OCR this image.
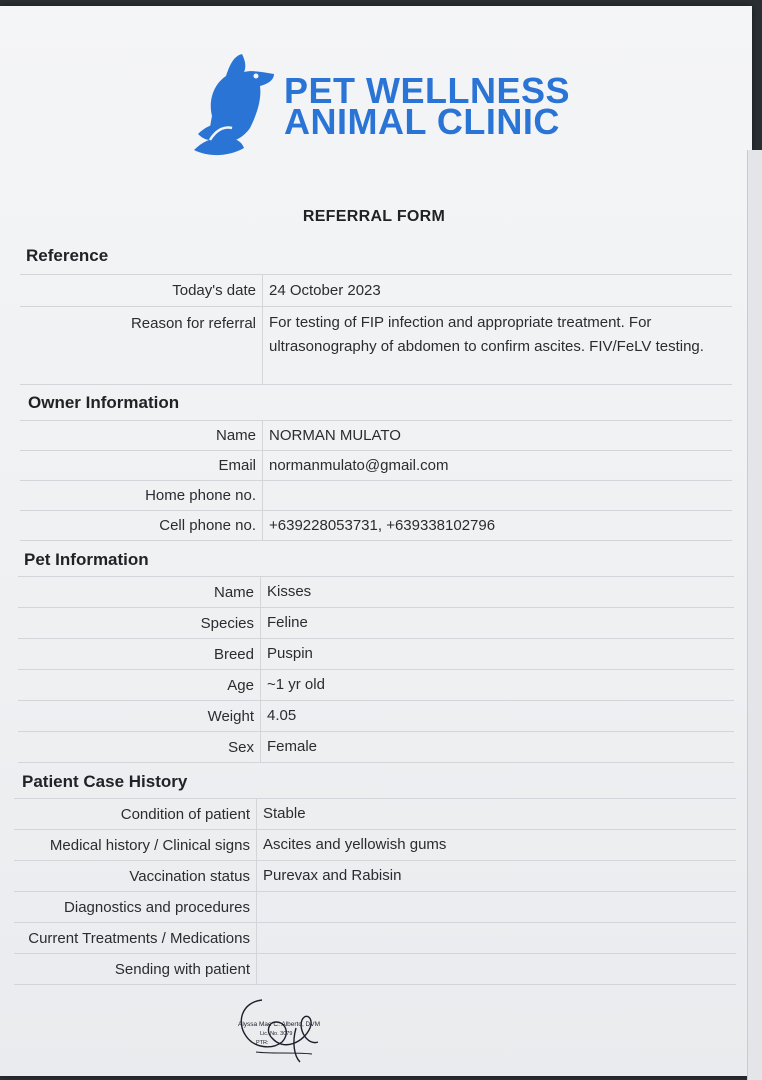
PET WELLNESS
ANIMAL CLINIC
REFERRAL FORM
Reference
Today's date	24 October 2023
Reason for referral	For testing of FIP infection and appropriate treatment. For ultrasonography of abdomen to confirm ascites. FIV/FeLV testing.
Owner Information
Name	NORMAN MULATO
Email	normanmulato@gmail.com
Home phone no.	
Cell phone no.	+639228053731, +639338102796
Pet Information
Name	Kisses
Species	Feline
Breed	Puspin
Age	~1 yr old
Weight	4.05
Sex	Female
Patient Case History
Condition of patient	Stable
Medical history / Clinical signs	Ascites and yellowish gums
Vaccination status	Purevax and Rabisin
Diagnostics and procedures	
Current Treatments / Medications	
Sending with patient	
Alyssa Mae C. Alberto, DVM
Lic. No. 3079
PTR:
